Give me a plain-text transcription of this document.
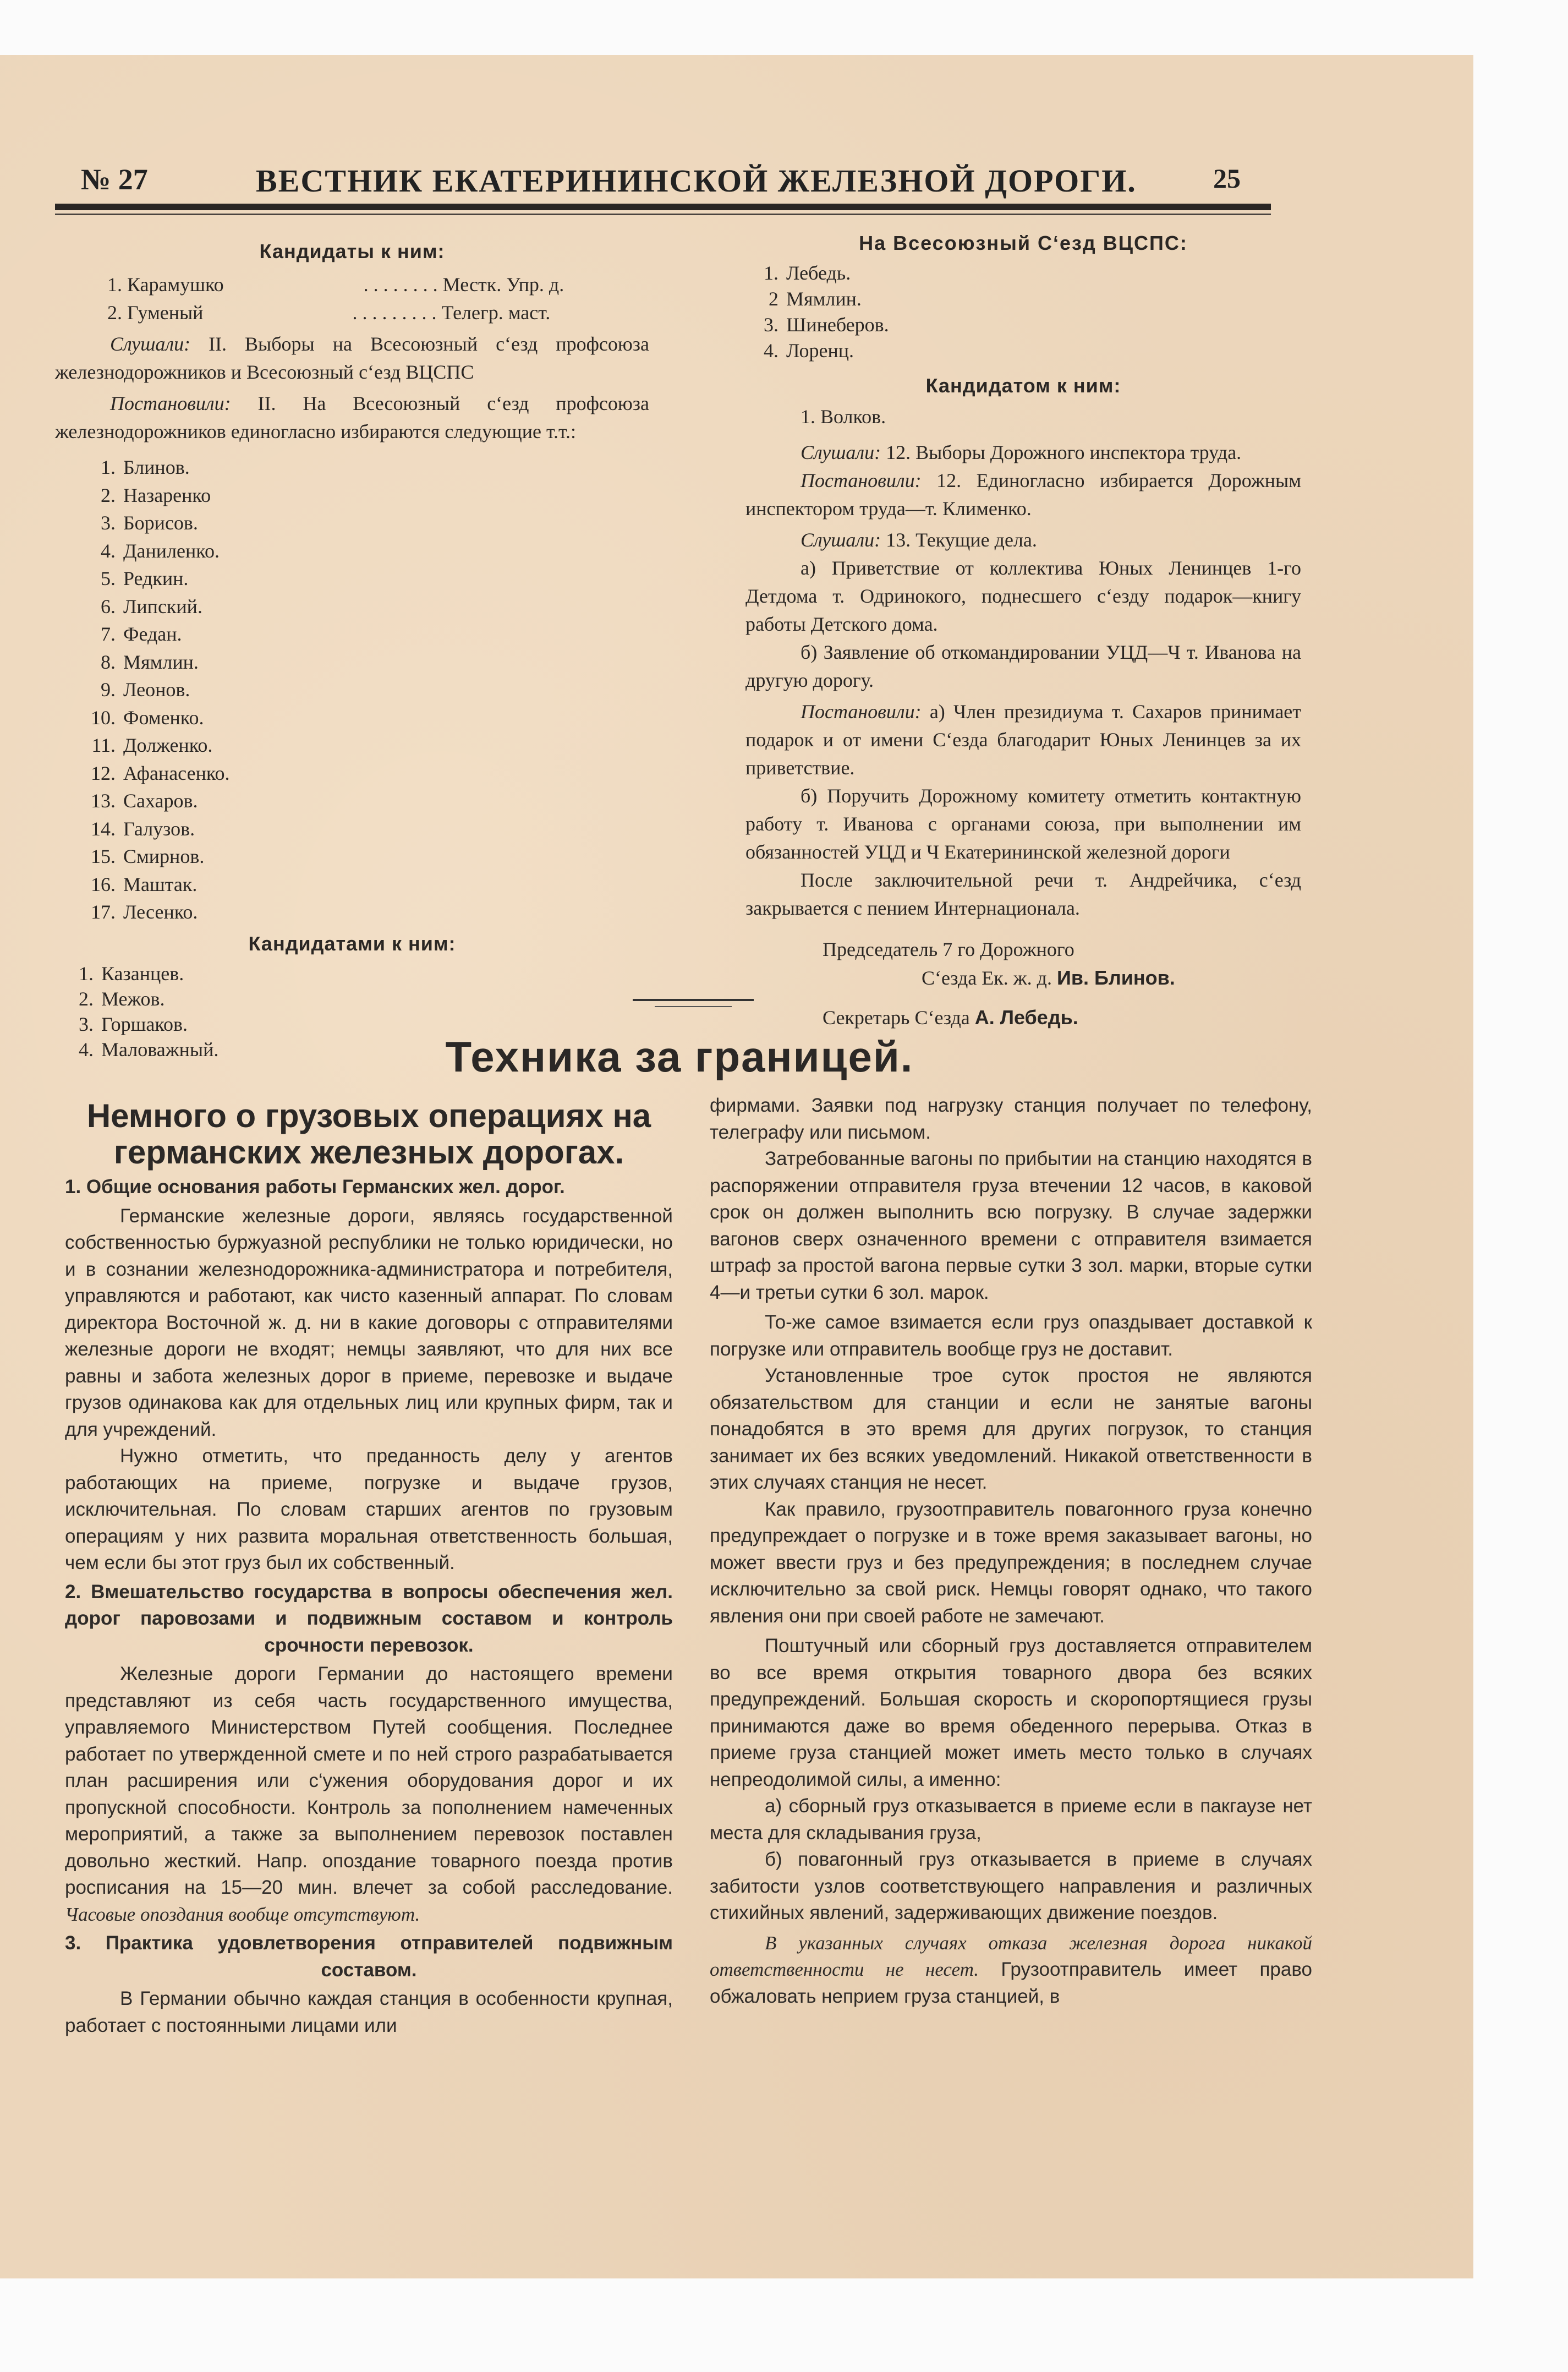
№ 27	ВЕСТНИК ЕКАТЕРИНИНСКОЙ ЖЕЛЕЗНОЙ ДОРОГИ.	25
Кандидаты к ним:
1. Карамушко	. . . . . . . . Местк. Упр. д.
2. Гуменый	. . . . . . . . . Телегр. маст.

Слушали: II. Выборы на Всесоюзный с‘езд профсоюза железнодорожников и Всесоюзный с‘езд ВЦСПС

Постановили: II. На Всесоюзный с‘езд профсоюза железнодорожников единогласно избираются следующие т.т.:

1. Блинов.
2. Назаренко
3. Борисов.
4. Даниленко.
5. Редкин.
6. Липский.
7. Федан.
8. Мямлин.
9. Леонов.
10. Фоменко.
11. Долженко.
12. Афанасенко.
13. Сахаров.
14. Галузов.
15. Смирнов.
16. Маштак.
17. Лесенко.
Кандидатами к ним:
1. Казанцев.
2. Межов.
3. Горшаков.
4. Маловажный.
На Всесоюзный С‘езд ВЦСПС:
1. Лебедь.
2 Мямлин.
3. Шинеберов.
4. Лоренц.
Кандидатом к ним:
1. Волков.

Слушали: 12. Выборы Дорожного инспектора труда.

Постановили: 12. Единогласно избирается Дорожным инспектором труда—т. Клименко.

Слушали: 13. Текущие дела.

а) Приветствие от коллектива Юных Ленинцев 1-го Детдома т. Одринокого, поднесшего с‘езду подарок—книгу работы Детского дома.

б) Заявление об откомандировании УЦД—Ч т. Иванова на другую дорогу.

Постановили: а) Член президиума т. Сахаров принимает подарок и от имени С‘езда благодарит Юных Ленинцев за их приветствие.

б) Поручить Дорожному комитету отметить контактную работу т. Иванова с органами союза, при выполнении им обязанностей УЦД и Ч Екатерининской железной дороги

После заключительной речи т. Андрейчика, с‘езд закрывается с пением Интернационала.

Председатель 7 го Дорожного
С‘езда Ек. ж. д. Ив. Блинов.
Секретарь С‘езда А. Лебедь.
Техника за границей.
Немного о грузовых операциях на германских железных дорогах.
1. Общие основания работы Германских жел. дорог.

Германские железные дороги, являясь государственной собственностью буржуазной республики не только юридически, но и в сознании железнодорожника-администратора и потребителя, управляются и работают, как чисто казенный аппарат. По словам директора Восточной ж. д. ни в какие договоры с отправителями железные дороги не входят; немцы заявляют, что для них все равны и забота железных дорог в приеме, перевозке и выдаче грузов одинакова как для отдельных лиц или крупных фирм, так и для учреждений.

Нужно отметить, что преданность делу у агентов работающих на приеме, погрузке и выдаче грузов, исключительная. По словам старших агентов по грузовым операциям у них развита моральная ответственность большая, чем если бы этот груз был их собственный.

2. Вмешательство государства в вопросы обеспечения жел. дорог паровозами и подвижным составом и контроль срочности перевозок.

Железные дороги Германии до настоящего времени представляют из себя часть государственного имущества, управляемого Министерством Путей сообщения. Последнее работает по утвержденной смете и по ней строго разрабатывается план расширения или с‘ужения оборудования дорог и их пропускной способности. Контроль за пополнением намеченных мероприятий, а также за выполнением перевозок поставлен довольно жесткий. Напр. опоздание товарного поезда против росписания на 15—20 мин. влечет за собой расследование. Часовые опоздания вообще отсутствуют.

3. Практика удовлетворения отправителей подвижным составом.

В Германии обычно каждая станция в особенности крупная, работает с постоянными лицами или

фирмами. Заявки под нагрузку станция получает по телефону, телеграфу или письмом.

Затребованные вагоны по прибытии на станцию находятся в распоряжении отправителя груза втечении 12 часов, в каковой срок он должен выполнить всю погрузку. В случае задержки вагонов сверх означенного времени с отправителя взимается штраф за простой вагона первые сутки 3 зол. марки, вторые сутки 4—и третьи сутки 6 зол. марок.

То-же самое взимается если груз опаздывает доставкой к погрузке или отправитель вообще груз не доставит.

Установленные трое суток простоя не являются обязательством для станции и если не занятые вагоны понадобятся в это время для других погрузок, то станция занимает их без всяких уведомлений. Никакой ответственности в этих случаях станция не несет.

Как правило, грузоотправитель повагонного груза конечно предупреждает о погрузке и в тоже время заказывает вагоны, но может ввести груз и без предупреждения; в последнем случае исключительно за свой риск. Немцы говорят однако, что такого явления они при своей работе не замечают.

Поштучный или сборный груз доставляется отправителем во все время открытия товарного двора без всяких предупреждений. Большая скорость и скоропортящиеся грузы принимаются даже во время обеденного перерыва. Отказ в приеме груза станцией может иметь место только в случаях непреодолимой силы, а именно:

а) сборный груз отказывается в приеме если в пакгаузе нет места для складывания груза,

б) повагонный груз отказывается в приеме в случаях забитости узлов соответствующего направления и различных стихийных явлений, задерживающих движение поездов.

В указанных случаях отказа железная дорога никакой ответственности не несет. Грузоотправитель имеет право обжаловать неприем груза станцией, в
